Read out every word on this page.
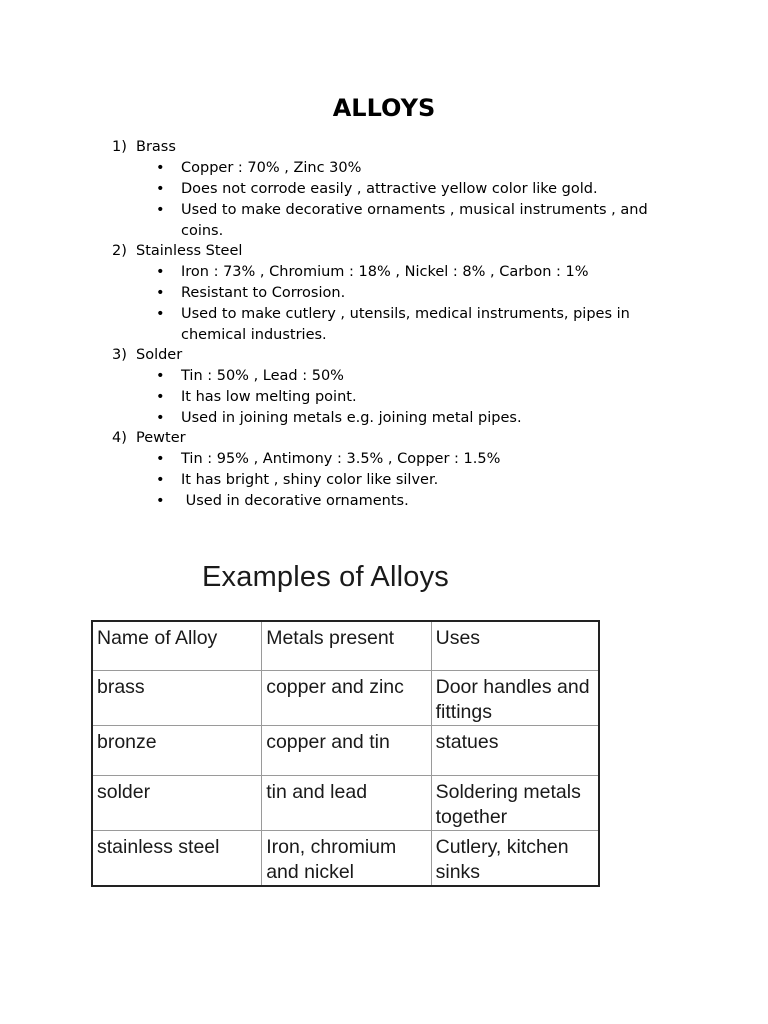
ALLOYS
1) Brass
• Copper : 70% , Zinc 30%
• Does not corrode easily , attractive yellow color like gold.
• Used to make decorative ornaments , musical instruments , and coins.
2) Stainless Steel
• Iron : 73% , Chromium : 18% , Nickel : 8% , Carbon : 1%
• Resistant to Corrosion.
• Used to make cutlery , utensils, medical instruments, pipes in chemical industries.
3) Solder
• Tin : 50% , Lead : 50%
• It has low melting point.
• Used in joining metals e.g. joining metal pipes.
4) Pewter
• Tin : 95% , Antimony : 3.5% , Copper : 1.5%
• It has bright , shiny color like silver.
•  Used in decorative ornaments.
Examples of Alloys
Name of Alloy	Metals present	Uses
brass	copper and zinc	Door handles and fittings
bronze	copper and tin	statues
solder	tin and lead	Soldering metals together
stainless steel	Iron, chromium and nickel	Cutlery, kitchen sinks
